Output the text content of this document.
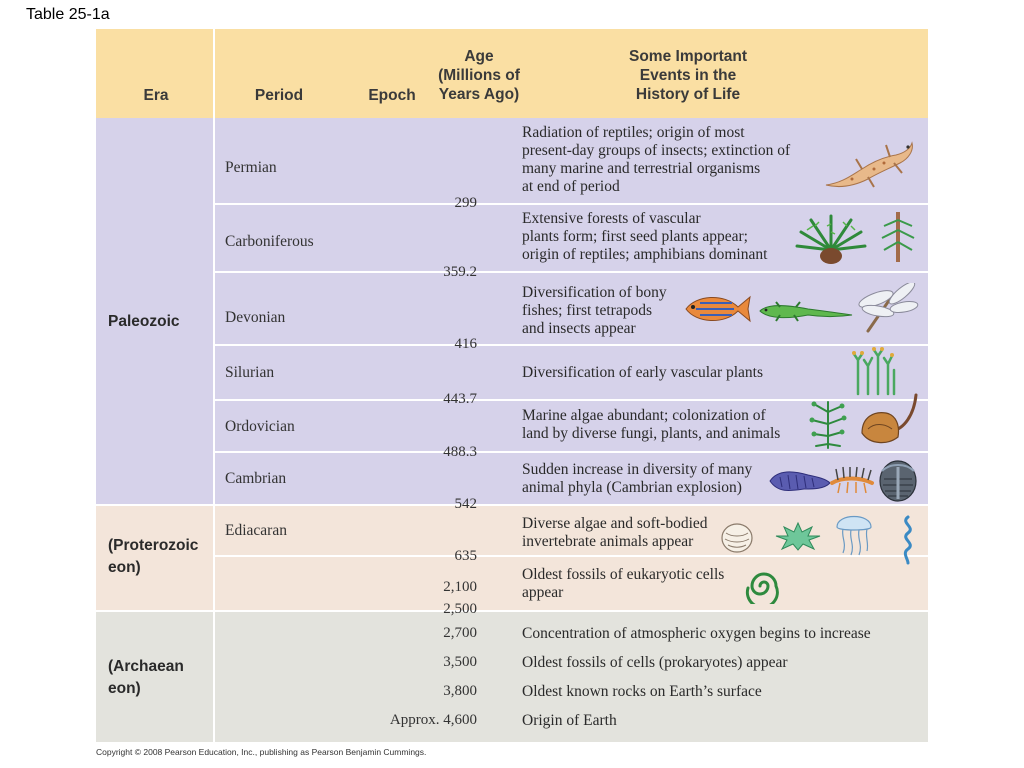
Table 25-1a
Era	Period	Epoch
Age
(Millions of
Years Ago)
Some Important
Events in the
History of Life
Paleozoic
(Proterozoic
eon)
(Archaean
eon)
Permian
Carboniferous
Devonian
Silurian
Ordovician
Cambrian
Ediacaran
299
359.2
416
443.7
488.3
542
635
2,100
2,500
2,700
3,500
3,800
Approx. 4,600
Radiation of reptiles; origin of most
present-day groups of insects; extinction of
many marine and terrestrial organisms
at end of period
Extensive forests of vascular
plants form; first seed plants appear;
origin of reptiles; amphibians dominant
Diversification of bony
fishes; first tetrapods
and insects appear
Diversification of early vascular plants
Marine algae abundant; colonization of
land by diverse fungi, plants, and animals
Sudden increase in diversity of many
animal phyla (Cambrian explosion)
Diverse algae and soft-bodied
invertebrate animals appear
Oldest fossils of eukaryotic cells
appear
Concentration of atmospheric oxygen begins to increase
Oldest fossils of cells (prokaryotes) appear
Oldest known rocks on Earth’s surface
Origin of Earth
Copyright © 2008 Pearson Education, Inc., publishing as Pearson Benjamin Cummings.
